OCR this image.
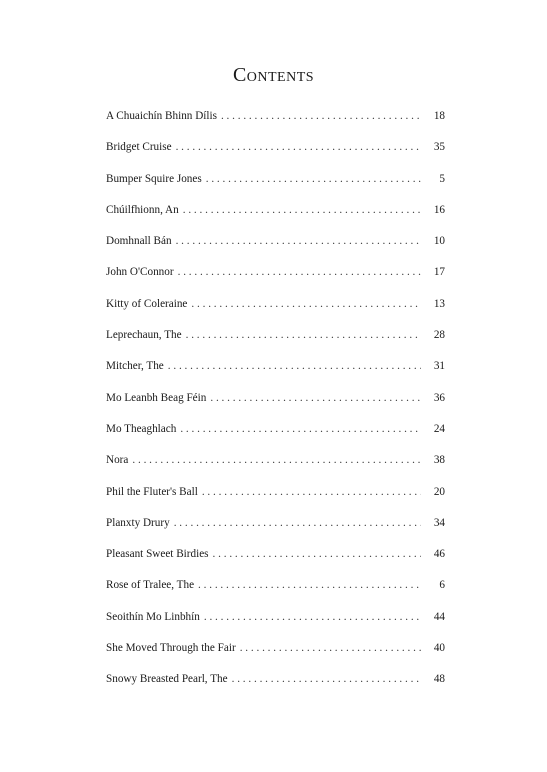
Contents
A Chuaichín Bhinn Dílis . . .	18
Bridget Cruise . . .	35
Bumper Squire Jones . . .	5
Chúilfhionn, An . . .	16
Domhnall Bán . . .	10
John O'Connor . . .	17
Kitty of Coleraine . . .	13
Leprechaun, The . . .	28
Mitcher, The . . .	31
Mo Leanbh Beag Féin . . .	36
Mo Theaghlach . . .	24
Nora . . .	38
Phil the Fluter's Ball . . .	20
Planxty Drury . . .	34
Pleasant Sweet Birdies . . .	46
Rose of Tralee, The . . .	6
Seoithín Mo Linbhín . . .	44
She Moved Through the Fair . . .	40
Snowy Breasted Pearl, The . . .	48
